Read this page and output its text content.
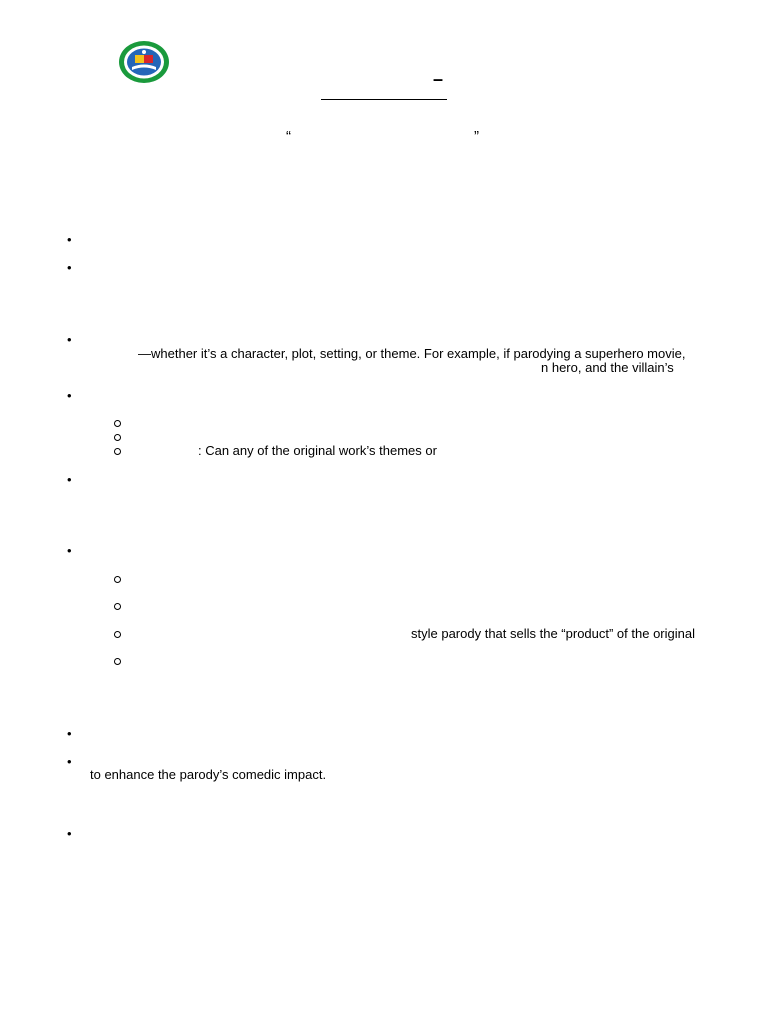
–
“	”
•
•
•
—whether it’s a character, plot, setting, or theme. For example, if parodying a superhero movie,
n hero, and the villain’s
•
: Can any of the original work’s themes or
•
•
style parody that sells the “product” of the original
•
•
to enhance the parody’s comedic impact.
•
